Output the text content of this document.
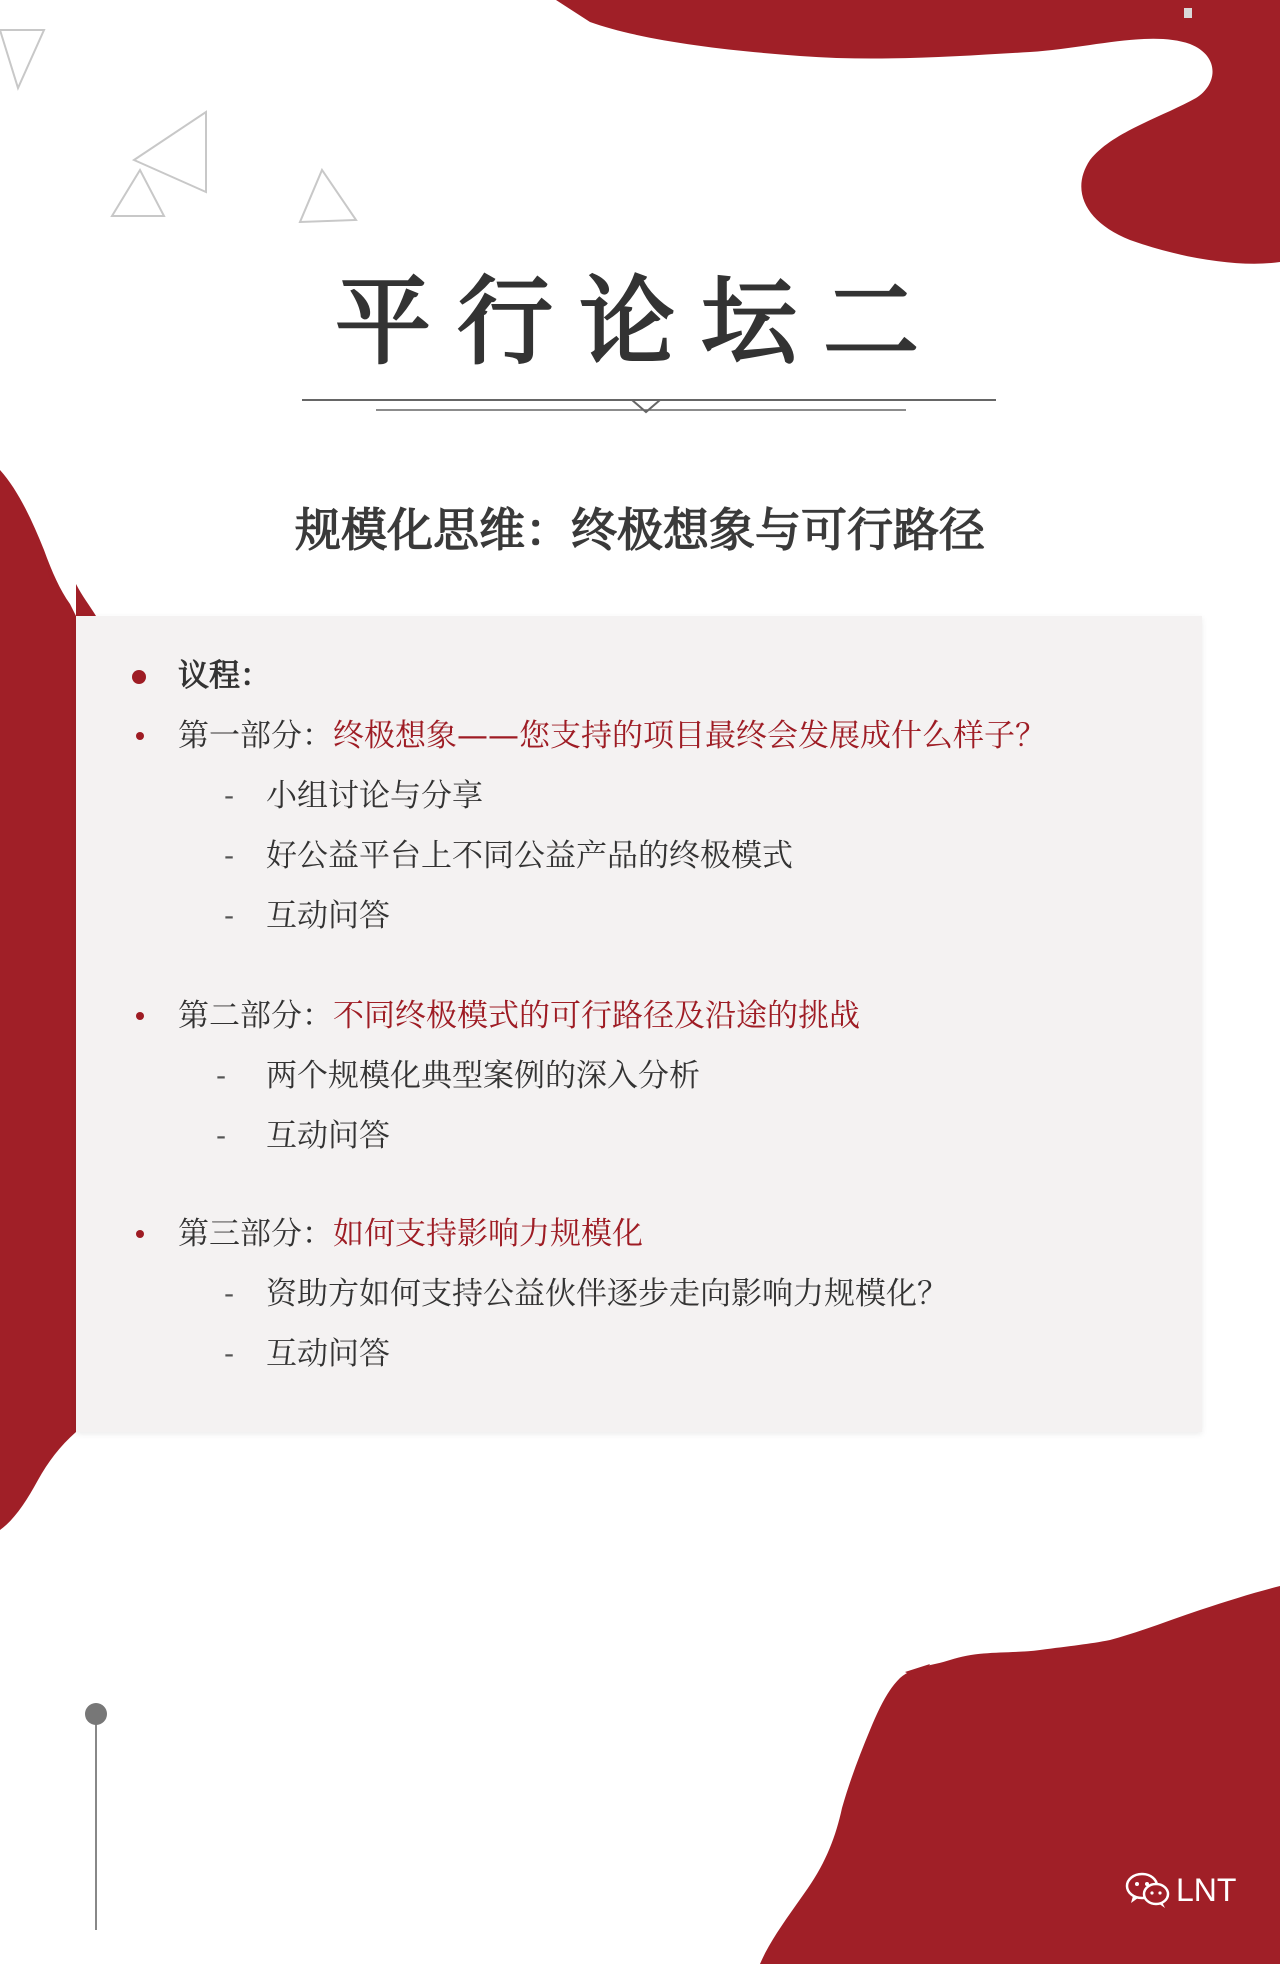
平行论坛二
规模化思维：终极想象与可行路径
议程：
第一部分：终极想象——您支持的项目最终会发展成什么样子？
- 小组讨论与分享
- 好公益平台上不同公益产品的终极模式
- 互动问答
第二部分：不同终极模式的可行路径及沿途的挑战
- 两个规模化典型案例的深入分析
- 互动问答
第三部分：如何支持影响力规模化
- 资助方如何支持公益伙伴逐步走向影响力规模化？
- 互动问答
LNT
